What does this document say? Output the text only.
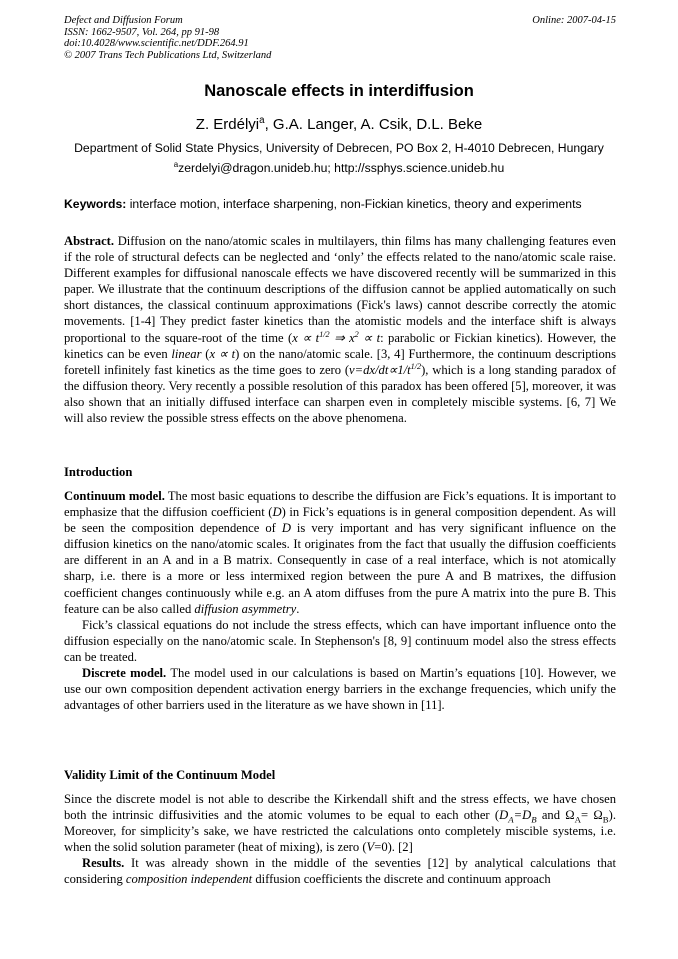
Defect and Diffusion Forum
ISSN: 1662-9507, Vol. 264, pp 91-98
doi:10.4028/www.scientific.net/DDF.264.91
© 2007 Trans Tech Publications Ltd, Switzerland
Online: 2007-04-15
Nanoscale effects in interdiffusion
Z. Erdélyi$^a$, G.A. Langer, A. Csik, D.L. Beke
Department of Solid State Physics, University of Debrecen, PO Box 2, H-4010 Debrecen, Hungary
$^a$zerdelyi@dragon.unideb.hu; http://ssphys.science.unideb.hu
Keywords: interface motion, interface sharpening, non-Fickian kinetics, theory and experiments

Abstract. Diffusion on the nano/atomic scales in multilayers, thin films has many challenging features even if the role of structural defects can be neglected and ‘only’ the effects related to the nano/atomic scale raise. Different examples for diffusional nanoscale effects we have discovered recently will be summarized in this paper. We illustrate that the continuum descriptions of the diffusion cannot be applied automatically on such short distances, the classical continuum approximations (Fick's laws) cannot describe correctly the atomic movements. [1-4] They predict faster kinetics than the atomistic models and the interface shift is always proportional to the square-root of the time ($x \propto t^{1/2}$ ⇒ $x^2 \propto t$: parabolic or Fickian kinetics). However, the kinetics can be even linear (x ∝ t) on the nano/atomic scale. [3, 4] Furthermore, the continuum descriptions foretell infinitely fast kinetics as the time goes to zero $(v=dx/dt\propto 1/t^{1/2})$, which is a long standing paradox of the diffusion theory. Very recently a possible resolution of this paradox has been offered [5], moreover, it was also shown that an initially diffused interface can sharpen even in completely miscible systems. [6, 7] We will also review the possible stress effects on the above phenomena.

Introduction

Continuum model. The most basic equations to describe the diffusion are Fick’s equations. It is important to emphasize that the diffusion coefficient (D) in Fick’s equations is in general composition dependent. As will be seen the composition dependence of D is very important and has very significant influence on the diffusion kinetics on the nano/atomic scales. It originates from the fact that usually the diffusion coefficients are different in an A and in a B matrix. Consequently in case of a real interface, which is not atomically sharp, i.e. there is a more or less intermixed region between the pure A and B matrixes, the diffusion coefficient changes continuously while e.g. an A atom diffuses from the pure A matrix into the pure B. This feature can be also called diffusion asymmetry.

Fick’s classical equations do not include the stress effects, which can have important influence onto the diffusion especially on the nano/atomic scale. In Stephenson's [8, 9] continuum model also the stress effects can be treated.

Discrete model. The model used in our calculations is based on Martin’s equations [10]. However, we use our own composition dependent activation energy barriers in the exchange frequencies, which unify the advantages of other barriers used in the literature as we have shown in [11].

Validity Limit of the Continuum Model

Since the discrete model is not able to describe the Kirkendall shift and the stress effects, we have chosen both the intrinsic diffusivities and the atomic volumes to be equal to each other ($D_A=D_B$ and $\Omega_A= \Omega_B$). Moreover, for simplicity’s sake, we have restricted the calculations onto completely miscible systems, i.e. when the solid solution parameter (heat of mixing), is zero (V=0). [2]

Results. It was already shown in the middle of the seventies [12] by analytical calculations that considering composition independent diffusion coefficients the discrete and continuum approach
